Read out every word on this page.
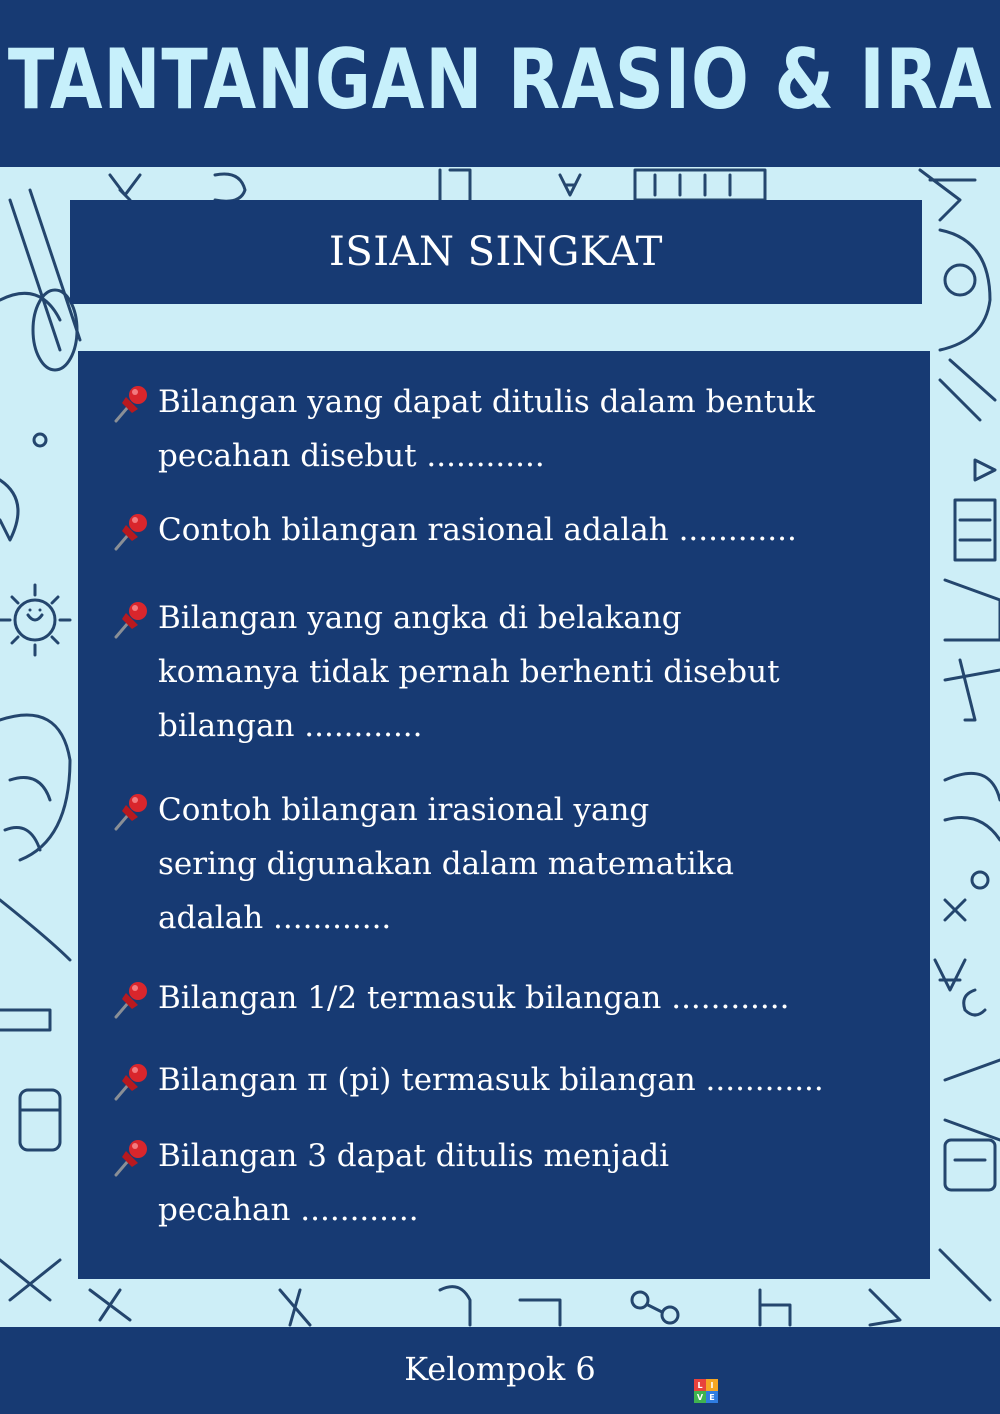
TANTANGAN RASIO & IRA
ISIAN SINGKAT
Bilangan yang dapat ditulis dalam bentuk
pecahan disebut ............
Contoh bilangan rasional adalah ............
Bilangan yang angka di belakang
komanya tidak pernah berhenti disebut
bilangan ............
Contoh bilangan irasional yang
sering digunakan dalam matematika
adalah ............
Bilangan 1/2 termasuk bilangan ............
Bilangan π (pi) termasuk bilangan ............
Bilangan 3 dapat ditulis menjadi
pecahan ............
Kelompok 6	L I
V E
